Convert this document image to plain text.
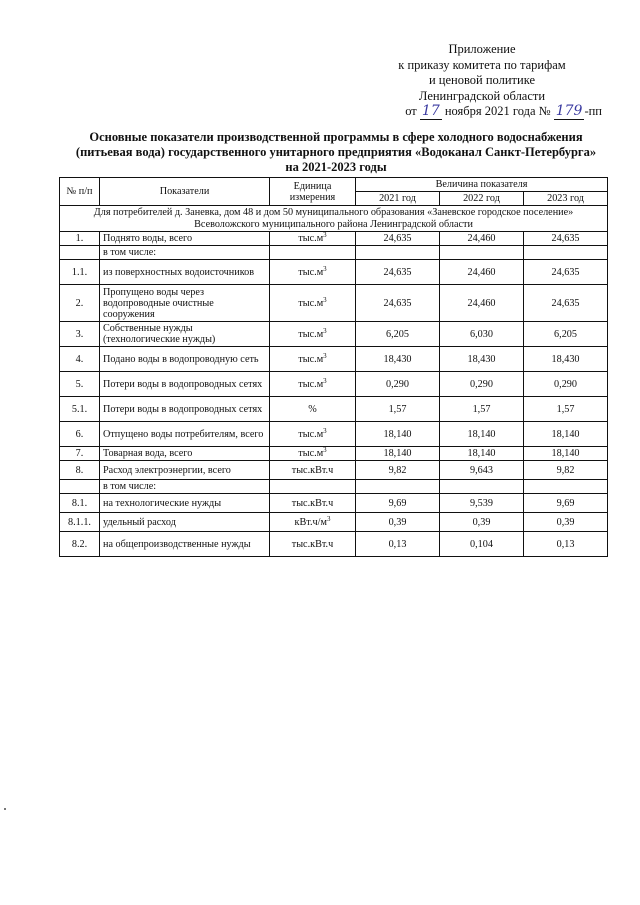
Приложение
к приказу комитета по тарифам
и ценовой политике
Ленинградской области
от 17 ноября 2021 года № 179 -пп
Основные показатели производственной программы в сфере холодного водоснабжения
(питьевая вода) государственного унитарного предприятия «Водоканал Санкт-Петербурга»
на 2021-2023 годы
№ п/п	Показатели	Единица измерения	Величина показателя		
			2021 год	2022 год	2023 год
Для потребителей д. Заневка, дом 48 и дом 50 муниципального образования «Заневское городское поселение» Всеволожского муниципального района Ленинградской области					
1.	Поднято воды, всего	$тыс.м^3$	24,635	24,460	24,635
	в том числе:				
1.1.	из поверхностных водоисточников	$тыс.м^3$	24,635	24,460	24,635
2.	Пропущено воды через водопроводные очистные сооружения	$тыс.м^3$	24,635	24,460	24,635
3.	Собственные нужды (технологические нужды)	$тыс.м^3$	6,205	6,030	6,205
4.	Подано воды в водопроводную сеть	$тыс.м^3$	18,430	18,430	18,430
5.	Потери воды в водопроводных сетях	$тыс.м^3$	0,290	0,290	0,290
5.1.	Потери воды в водопроводных сетях	%	1,57	1,57	1,57
6.	Отпущено воды потребителям, всего	$тыс.м^3$	18,140	18,140	18,140
7.	Товарная вода, всего	$тыс.м^3$	18,140	18,140	18,140
8.	Расход электроэнергии, всего	тыс.кВт.ч	9,82	9,643	9,82
	в том числе:				
8.1.	на технологические нужды	тыс.кВт.ч	9,69	9,539	9,69
8.1.1.	удельный расход	$кВт.ч/м^3$	0,39	0,39	0,39
8.2.	на общепроизводственные нужды	тыс.кВт.ч	0,13	0,104	0,13
